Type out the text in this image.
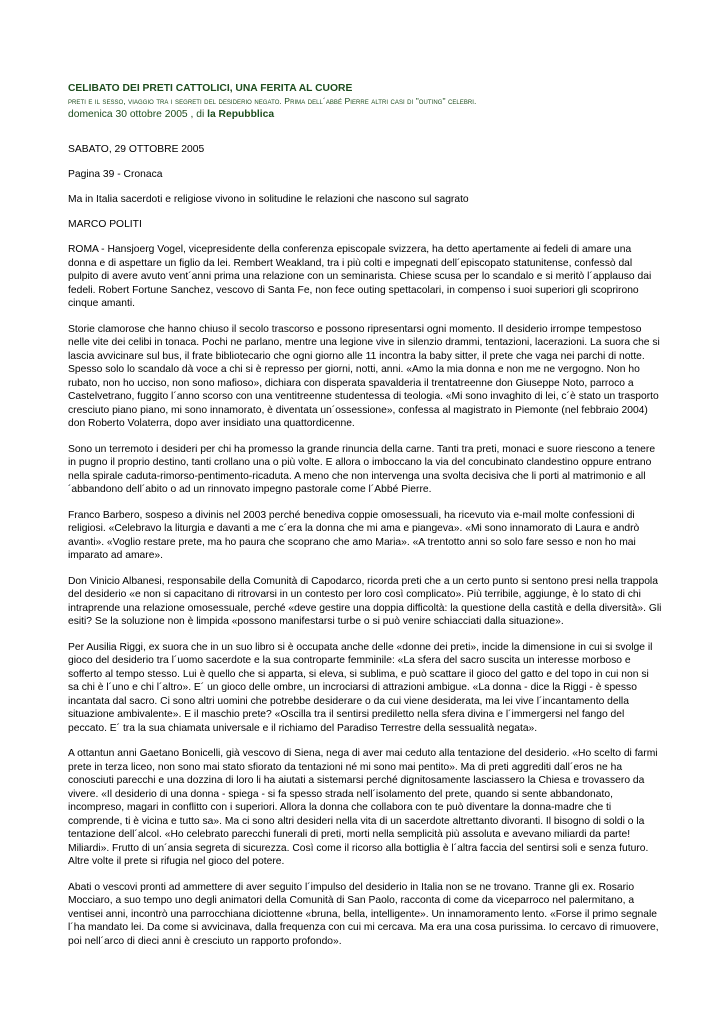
CELIBATO DEI PRETI CATTOLICI, UNA FERITA AL CUORE
preti e il sesso, viaggio tra i segreti del desiderio negato. Prima dell´abbé Pierre altri casi di "outing" celebri.
domenica 30 ottobre 2005 , di la Repubblica
SABATO, 29 OTTOBRE 2005
Pagina 39 - Cronaca
Ma in Italia sacerdoti e religiose vivono in solitudine le relazioni che nascono sul sagrato
MARCO POLITI
ROMA - Hansjoerg Vogel, vicepresidente della conferenza episcopale svizzera, ha detto apertamente ai fedeli di amare una donna e di aspettare un figlio da lei. Rembert Weakland, tra i più colti e impegnati dell´episcopato statunitense, confessò dal pulpito di avere avuto vent´anni prima una relazione con un seminarista. Chiese scusa per lo scandalo e si meritò l´applauso dai fedeli. Robert Fortune Sanchez, vescovo di Santa Fe, non fece outing spettacolari, in compenso i suoi superiori gli scoprirono cinque amanti.
Storie clamorose che hanno chiuso il secolo trascorso e possono ripresentarsi ogni momento. Il desiderio irrompe tempestoso nelle vite dei celibi in tonaca. Pochi ne parlano, mentre una legione vive in silenzio drammi, tentazioni, lacerazioni. La suora che si lascia avvicinare sul bus, il frate bibliotecario che ogni giorno alle 11 incontra la baby sitter, il prete che vaga nei parchi di notte. Spesso solo lo scandalo dà voce a chi si è represso per giorni, notti, anni. «Amo la mia donna e non me ne vergogno. Non ho rubato, non ho ucciso, non sono mafioso», dichiara con disperata spavalderia il trentatreenne don Giuseppe Noto, parroco a Castelvetrano, fuggito l´anno scorso con una ventitreenne studentessa di teologia. «Mi sono invaghito di lei, c´è stato un trasporto cresciuto piano piano, mi sono innamorato, è diventata un´ossessione», confessa al magistrato in Piemonte (nel febbraio 2004) don Roberto Volaterra, dopo aver insidiato una quattordicenne.
Sono un terremoto i desideri per chi ha promesso la grande rinuncia della carne. Tanti tra preti, monaci e suore riescono a tenere in pugno il proprio destino, tanti crollano una o più volte. E allora o imboccano la via del concubinato clandestino oppure entrano nella spirale caduta-rimorso-pentimento-ricaduta. A meno che non intervenga una svolta decisiva che li porti al matrimonio e all´abbandono dell´abito o ad un rinnovato impegno pastorale come l´Abbé Pierre.
Franco Barbero, sospeso a divinis nel 2003 perché benediva coppie omosessuali, ha ricevuto via e-mail molte confessioni di religiosi. «Celebravo la liturgia e davanti a me c´era la donna che mi ama e piangeva». «Mi sono innamorato di Laura e andrò avanti». «Voglio restare prete, ma ho paura che scoprano che amo Maria». «A trentotto anni so solo fare sesso e non ho mai imparato ad amare».
Don Vinicio Albanesi, responsabile della Comunità di Capodarco, ricorda preti che a un certo punto si sentono presi nella trappola del desiderio «e non si capacitano di ritrovarsi in un contesto per loro così complicato». Più terribile, aggiunge, è lo stato di chi intraprende una relazione omosessuale, perché «deve gestire una doppia difficoltà: la questione della castità e della diversità». Gli esiti? Se la soluzione non è limpida «possono manifestarsi turbe o si può venire schiacciati dalla situazione».
Per Ausilia Riggi, ex suora che in un suo libro si è occupata anche delle «donne dei preti», incide la dimensione in cui si svolge il gioco del desiderio tra l´uomo sacerdote e la sua controparte femminile: «La sfera del sacro suscita un interesse morboso e sofferto al tempo stesso. Lui è quello che si apparta, si eleva, si sublima, e può scattare il gioco del gatto e del topo in cui non si sa chi è l´uno e chi l´altro». E´ un gioco delle ombre, un incrociarsi di attrazioni ambigue. «La donna - dice la Riggi - è spesso incantata dal sacro. Ci sono altri uomini che potrebbe desiderare o da cui viene desiderata, ma lei vive l´incantamento della situazione ambivalente». E il maschio prete? «Oscilla tra il sentirsi prediletto nella sfera divina e l´immergersi nel fango del peccato. E´ tra la sua chiamata universale e il richiamo del Paradiso Terrestre della sessualità negata».
A ottantun anni Gaetano Bonicelli, già vescovo di Siena, nega di aver mai ceduto alla tentazione del desiderio. «Ho scelto di farmi prete in terza liceo, non sono mai stato sfiorato da tentazioni né mi sono mai pentito». Ma di preti aggrediti dall´eros ne ha conosciuti parecchi e una dozzina di loro li ha aiutati a sistemarsi perché dignitosamente lasciassero la Chiesa e trovassero da vivere. «Il desiderio di una donna - spiega - si fa spesso strada nell´isolamento del prete, quando si sente abbandonato, incompreso, magari in conflitto con i superiori. Allora la donna che collabora con te può diventare la donna-madre che ti comprende, ti è vicina e tutto sa». Ma ci sono altri desideri nella vita di un sacerdote altrettanto divoranti. Il bisogno di soldi o la tentazione dell´alcol. «Ho celebrato parecchi funerali di preti, morti nella semplicità più assoluta e avevano miliardi da parte! Miliardi». Frutto di un´ansia segreta di sicurezza. Così come il ricorso alla bottiglia è l´altra faccia del sentirsi soli e senza futuro. Altre volte il prete si rifugia nel gioco del potere.
Abati o vescovi pronti ad ammettere di aver seguito l´impulso del desiderio in Italia non se ne trovano. Tranne gli ex. Rosario Mocciaro, a suo tempo uno degli animatori della Comunità di San Paolo, racconta di come da viceparroco nel palermitano, a ventisei anni, incontrò una parrocchiana diciottenne «bruna, bella, intelligente». Un innamoramento lento. «Forse il primo segnale l´ha mandato lei. Da come si avvicinava, dalla frequenza con cui mi cercava. Ma era una cosa purissima. Io cercavo di rimuovere, poi nell´arco di dieci anni è cresciuto un rapporto profondo».
